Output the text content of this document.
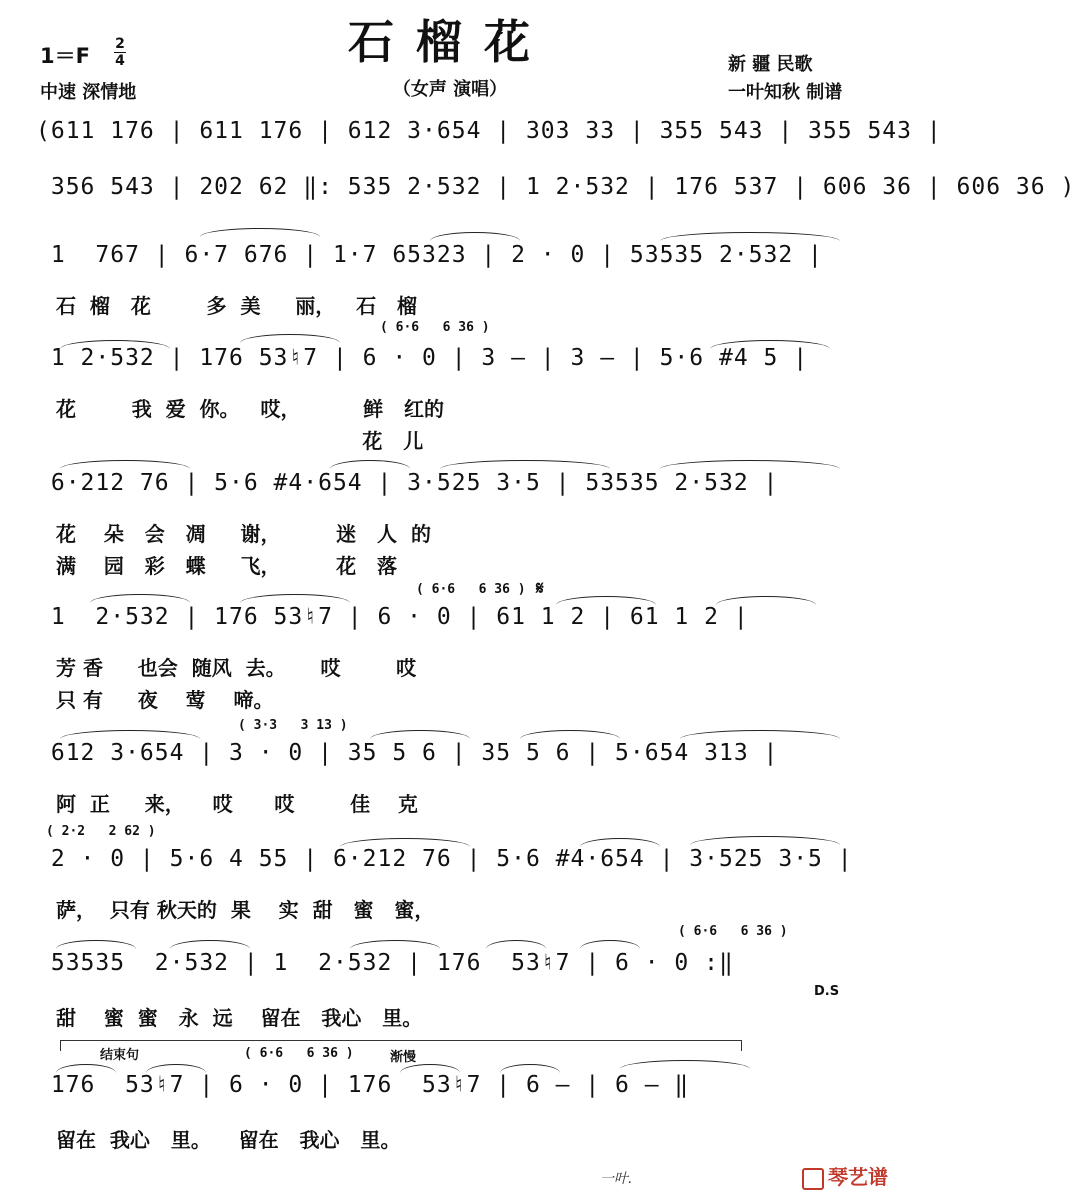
石榴花
1＝F 2
4
中速 深情地	（女声 演唱）
新 疆 民歌
一叶知秋 制谱
(611 176 | 611 176 | 612 3·654 | 303 33 | 355 543 | 355 543 |
356 543 | 202 62 ‖: 535 2·532 | 1 2·532 | 176 537 | 606 36 | 606 36 )
1  767 | 6·7 676 | 1·7 65323 | 2 · 0 | 53535 2·532 |
石  榴   花        多  美     丽，   石   榴
( 6·6   6 36 )
1 2·532 | 176 53♮7 | 6 · 0 | 3 — | 3 — | 5·6 #4 5 |
花        我  爱  你。   哎，         鲜   红的
花   儿
6·212 76 | 5·6 #4·654 | 3·525 3·5 | 53535 2·532 |
花    朵   会   凋     谢，        迷   人  的
满    园   彩   蝶     飞，        花   落
( 6·6   6 36 ) 𝄋
1  2·532 | 176 53♮7 | 6 · 0 | 61 1 2 | 61 1 2 |
芳 香     也会  随风  去。     哎        哎
只 有     夜    莺    啼。
( 3·3   3 13 )
612 3·654 | 3 · 0 | 35 5 6 | 35 5 6 | 5·654 313 |
阿  正     来，    哎      哎        佳    克
( 2·2   2 62 )
2 · 0 | 5·6 4 55 | 6·212 76 | 5·6 #4·654 | 3·525 3·5 |
萨，  只有 秋天的  果    实  甜   蜜   蜜，
( 6·6   6 36 )
53535  2·532 | 1  2·532 | 176  53♮7 | 6 · 0 :‖
D.S
甜    蜜  蜜   永  远    留在   我心   里。
结束句	( 6·6   6 36 )	渐慢
176  53♮7 | 6 · 0 | 176  53♮7 | 6 — | 6 — ‖
留在  我心   里。    留在   我心   里。
一叶.	琴艺谱
